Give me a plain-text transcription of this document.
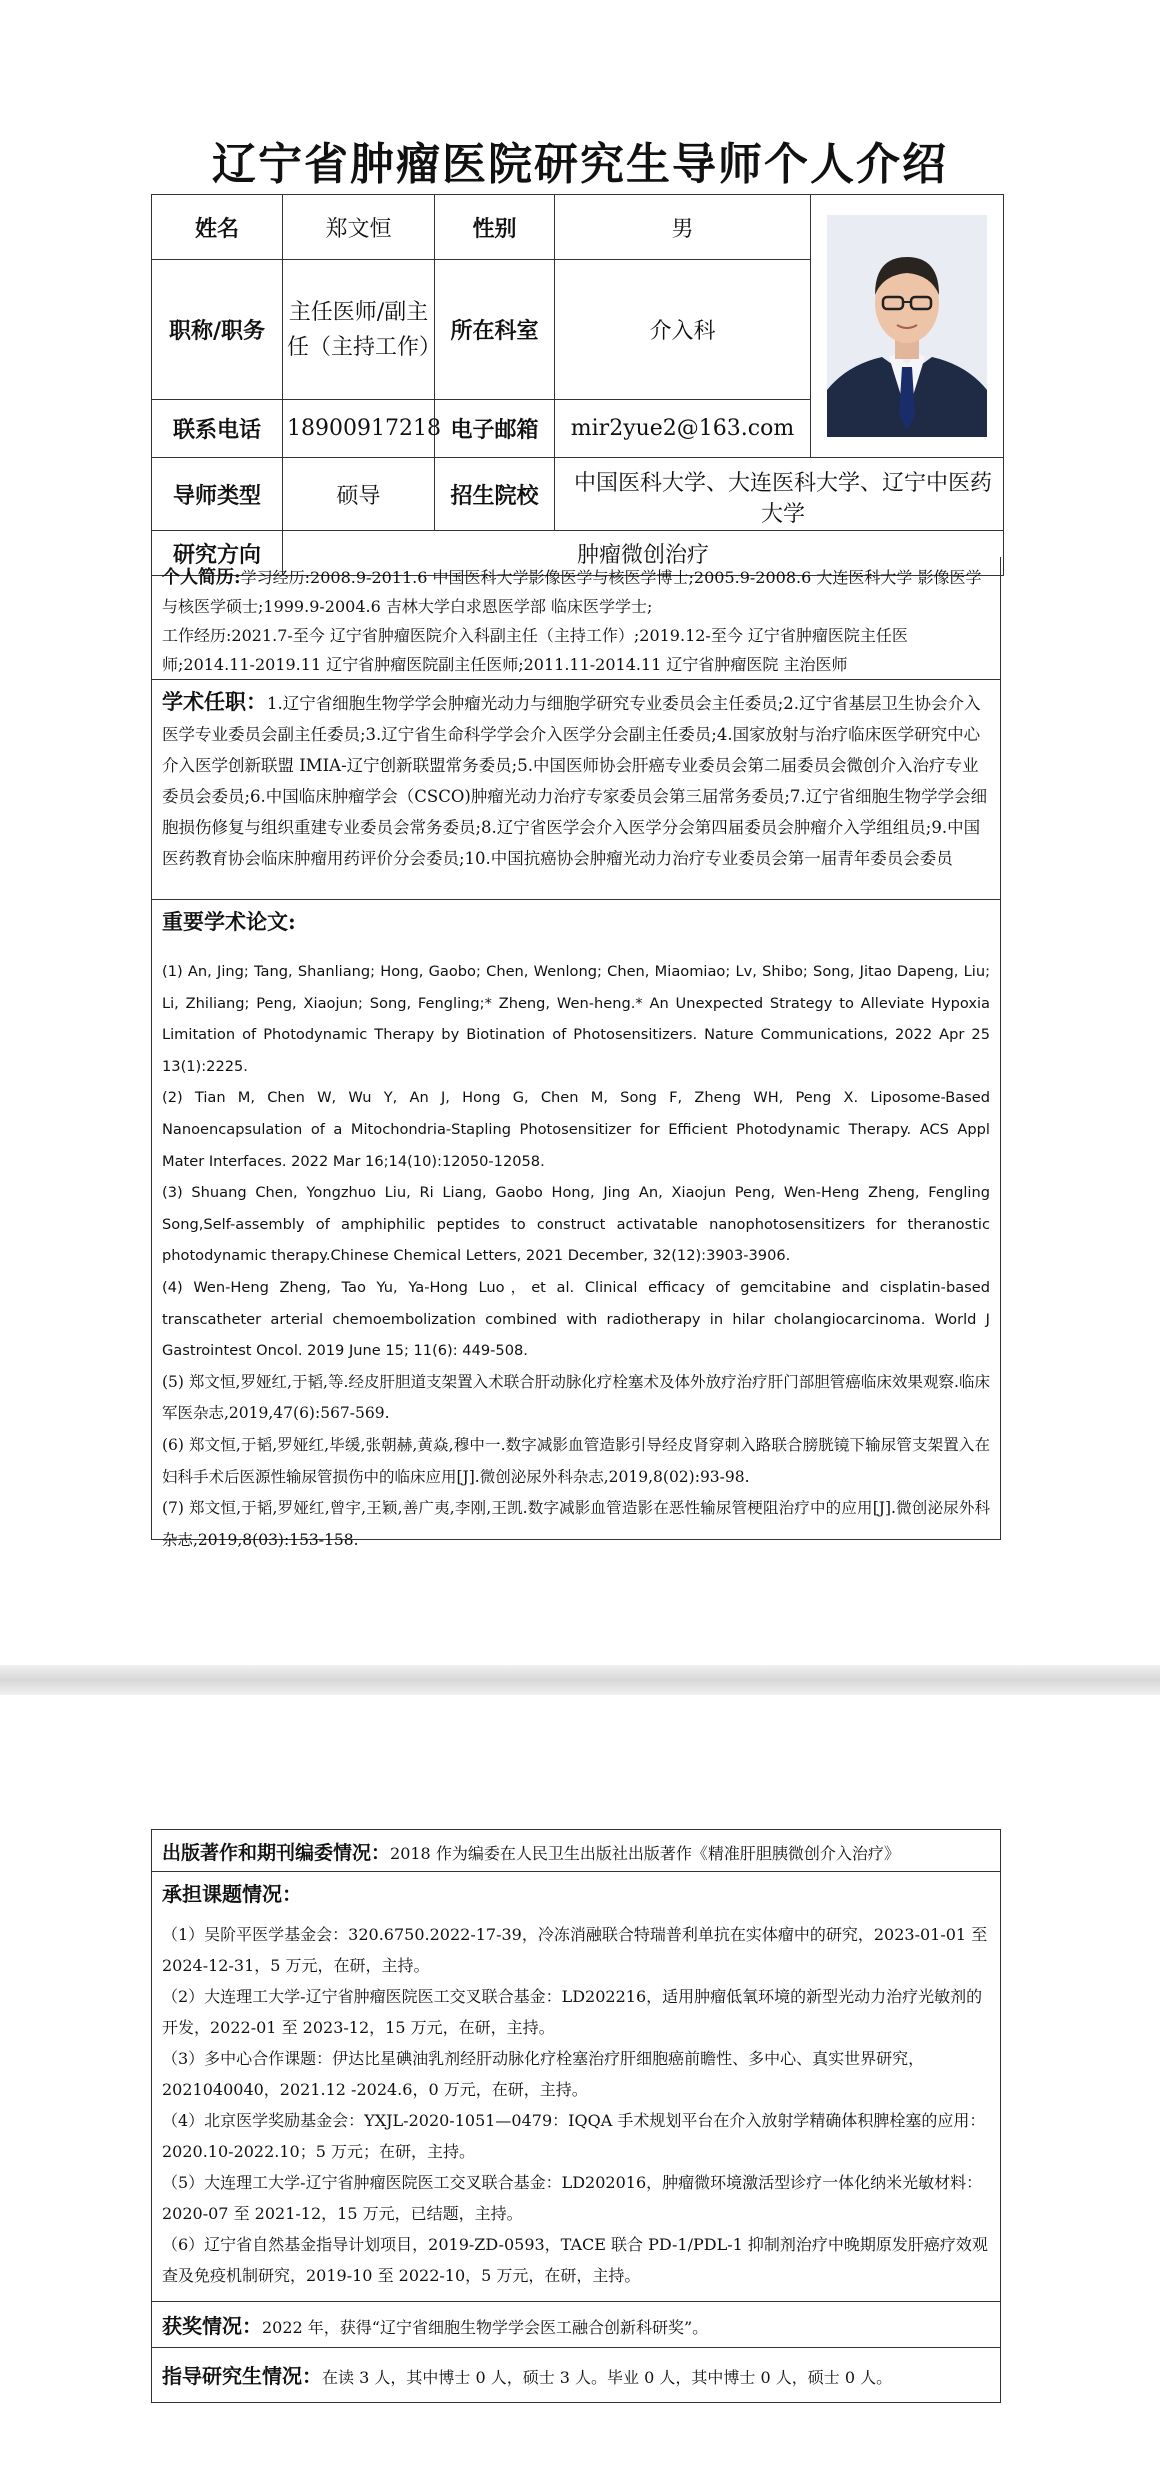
辽宁省肿瘤医院研究生导师个人介绍
姓名	郑文恒	性别	男	

职称/职务	主任医师/副主任（主持工作）	所在科室	介入科	
联系电话	18900917218	电子邮箱	mir2yue2@163.com	
导师类型	硕导	招生院校	中国医科大学、大连医科大学、辽宁中医药大学	
研究方向	肿瘤微创治疗			
个人简历:学习经历:2008.9-2011.6 中国医科大学影像医学与核医学博士;2005.9-2008.6 大连医科大学 影像医学与核医学硕士;1999.9-2004.6 吉林大学白求恩医学部 临床医学学士;
工作经历:2021.7-至今 辽宁省肿瘤医院介入科副主任（主持工作）;2019.12-至今 辽宁省肿瘤医院主任医师;2014.11-2019.11 辽宁省肿瘤医院副主任医师;2011.11-2014.11 辽宁省肿瘤医院 主治医师
学术任职：1.辽宁省细胞生物学学会肿瘤光动力与细胞学研究专业委员会主任委员;2.辽宁省基层卫生协会介入医学专业委员会副主任委员;3.辽宁省生命科学学会介入医学分会副主任委员;4.国家放射与治疗临床医学研究中心介入医学创新联盟 IMIA-辽宁创新联盟常务委员;5.中国医师协会肝癌专业委员会第二届委员会微创介入治疗专业委员会委员;6.中国临床肿瘤学会（CSCO)肿瘤光动力治疗专家委员会第三届常务委员;7.辽宁省细胞生物学学会细胞损伤修复与组织重建专业委员会常务委员;8.辽宁省医学会介入医学分会第四届委员会肿瘤介入学组组员;9.中国医药教育协会临床肿瘤用药评价分会委员;10.中国抗癌协会肿瘤光动力治疗专业委员会第一届青年委员会委员
重要学术论文:
(1) An, Jing; Tang, Shanliang; Hong, Gaobo; Chen, Wenlong; Chen, Miaomiao; Lv, Shibo; Song, Jitao Dapeng, Liu; Li, Zhiliang; Peng, Xiaojun; Song, Fengling;* Zheng, Wen-heng.* An Unexpected Strategy to Alleviate Hypoxia Limitation of Photodynamic Therapy by Biotination of Photosensitizers. Nature Communications, 2022 Apr 25 13(1):2225.
(2) Tian M, Chen W, Wu Y, An J, Hong G, Chen M, Song F, Zheng WH, Peng X. Liposome-Based Nanoencapsulation of a Mitochondria-Stapling Photosensitizer for Efficient Photodynamic Therapy. ACS Appl Mater Interfaces. 2022 Mar 16;14(10):12050-12058.
(3) Shuang Chen, Yongzhuo Liu, Ri Liang, Gaobo Hong, Jing An, Xiaojun Peng, Wen-Heng Zheng, Fengling Song,Self-assembly of amphiphilic peptides to construct activatable nanophotosensitizers for theranostic photodynamic therapy.Chinese Chemical Letters, 2021 December, 32(12):3903-3906.
(4) Wen-Heng Zheng, Tao Yu, Ya-Hong Luo，et al. Clinical efficacy of gemcitabine and cisplatin-based transcatheter arterial chemoembolization combined with radiotherapy in hilar cholangiocarcinoma. World J Gastrointest Oncol. 2019 June 15; 11(6): 449-508.
(5) 郑文恒,罗娅红,于韬,等.经皮肝胆道支架置入术联合肝动脉化疗栓塞术及体外放疗治疗肝门部胆管癌临床效果观察.临床军医杂志,2019,47(6):567-569.
(6) 郑文恒,于韬,罗娅红,毕缓,张朝赫,黄焱,穆中一.数字减影血管造影引导经皮肾穿刺入路联合膀胱镜下输尿管支架置入在妇科手术后医源性输尿管损伤中的临床应用[J].微创泌尿外科杂志,2019,8(02):93-98.
(7) 郑文恒,于韬,罗娅红,曾宇,王颖,善广夷,李刚,王凯.数字减影血管造影在恶性输尿管梗阻治疗中的应用[J].微创泌尿外科杂志,2019,8(03):153-158.
出版著作和期刊编委情况：2018 作为编委在人民卫生出版社出版著作《精准肝胆胰微创介入治疗》
承担课题情况：
（1）吴阶平医学基金会：320.6750.2022-17-39，冷冻消融联合特瑞普利单抗在实体瘤中的研究，2023-01-01 至 2024-12-31，5 万元，在研，主持。
（2）大连理工大学-辽宁省肿瘤医院医工交叉联合基金：LD202216，适用肿瘤低氧环境的新型光动力治疗光敏剂的开发，2022-01 至 2023-12，15 万元，在研，主持。
（3）多中心合作课题：伊达比星碘油乳剂经肝动脉化疗栓塞治疗肝细胞癌前瞻性、多中心、真实世界研究，2021040040，2021.12 -2024.6，0 万元，在研，主持。
（4）北京医学奖励基金会：YXJL-2020-1051—0479：IQQA 手术规划平台在介入放射学精确体积脾栓塞的应用：2020.10-2022.10；5 万元；在研，主持。
（5）大连理工大学-辽宁省肿瘤医院医工交叉联合基金：LD202016，肿瘤微环境激活型诊疗一体化纳米光敏材料：2020-07 至 2021-12，15 万元，已结题，主持。
（6）辽宁省自然基金指导计划项目，2019-ZD-0593，TACE 联合 PD-1/PDL-1 抑制剂治疗中晚期原发肝癌疗效观查及免疫机制研究，2019-10 至 2022-10，5 万元，在研，主持。
获奖情况：2022 年，获得“辽宁省细胞生物学学会医工融合创新科研奖”。
指导研究生情况：在读 3 人，其中博士 0 人，硕士 3 人。毕业 0 人，其中博士 0 人，硕士 0 人。
